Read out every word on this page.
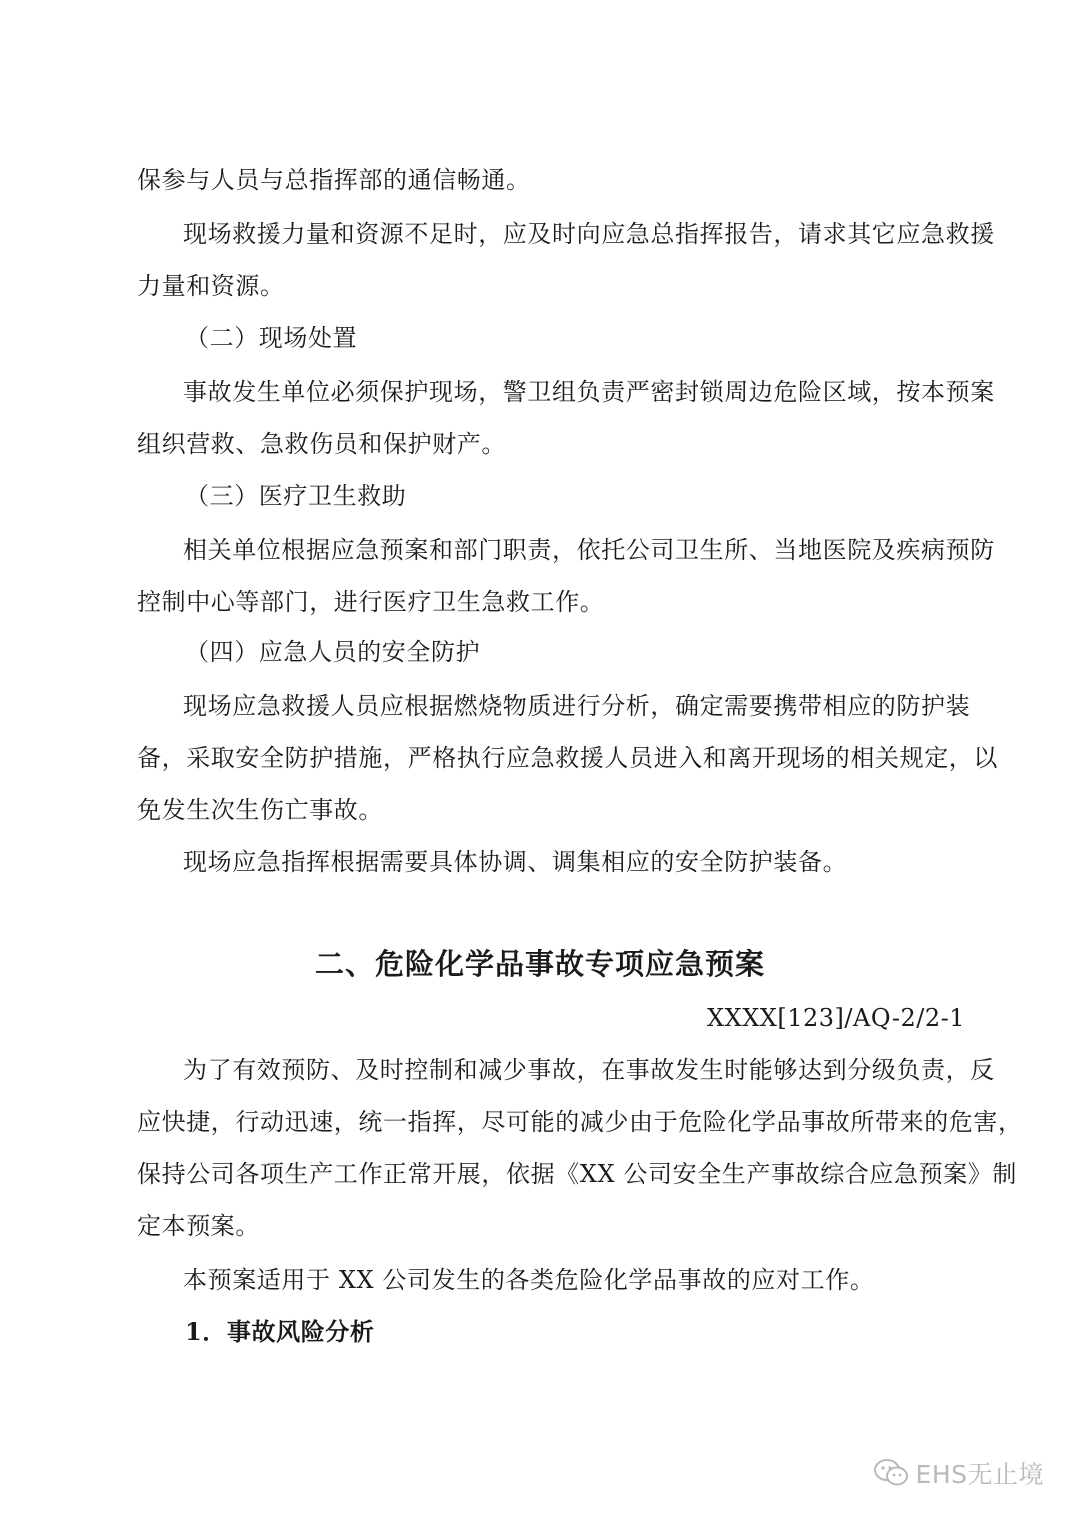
保参与人员与总指挥部的通信畅通。
现场救援力量和资源不足时，应及时向应急总指挥报告，请求其它应急救援
力量和资源。
（二）现场处置
事故发生单位必须保护现场，警卫组负责严密封锁周边危险区域，按本预案
组织营救、急救伤员和保护财产。
（三）医疗卫生救助
相关单位根据应急预案和部门职责，依托公司卫生所、当地医院及疾病预防
控制中心等部门，进行医疗卫生急救工作。
（四）应急人员的安全防护
现场应急救援人员应根据燃烧物质进行分析，确定需要携带相应的防护装
备，采取安全防护措施，严格执行应急救援人员进入和离开现场的相关规定，以
免发生次生伤亡事故。
现场应急指挥根据需要具体协调、调集相应的安全防护装备。
二、危险化学品事故专项应急预案
XXXX[123]/AQ-2/2-1
为了有效预防、及时控制和减少事故，在事故发生时能够达到分级负责，反
应快捷，行动迅速，统一指挥，尽可能的减少由于危险化学品事故所带来的危害，
保持公司各项生产工作正常开展，依据《XX 公司安全生产事故综合应急预案》制
定本预案。
本预案适用于 XX 公司发生的各类危险化学品事故的应对工作。
1．事故风险分析
EHS无止境
